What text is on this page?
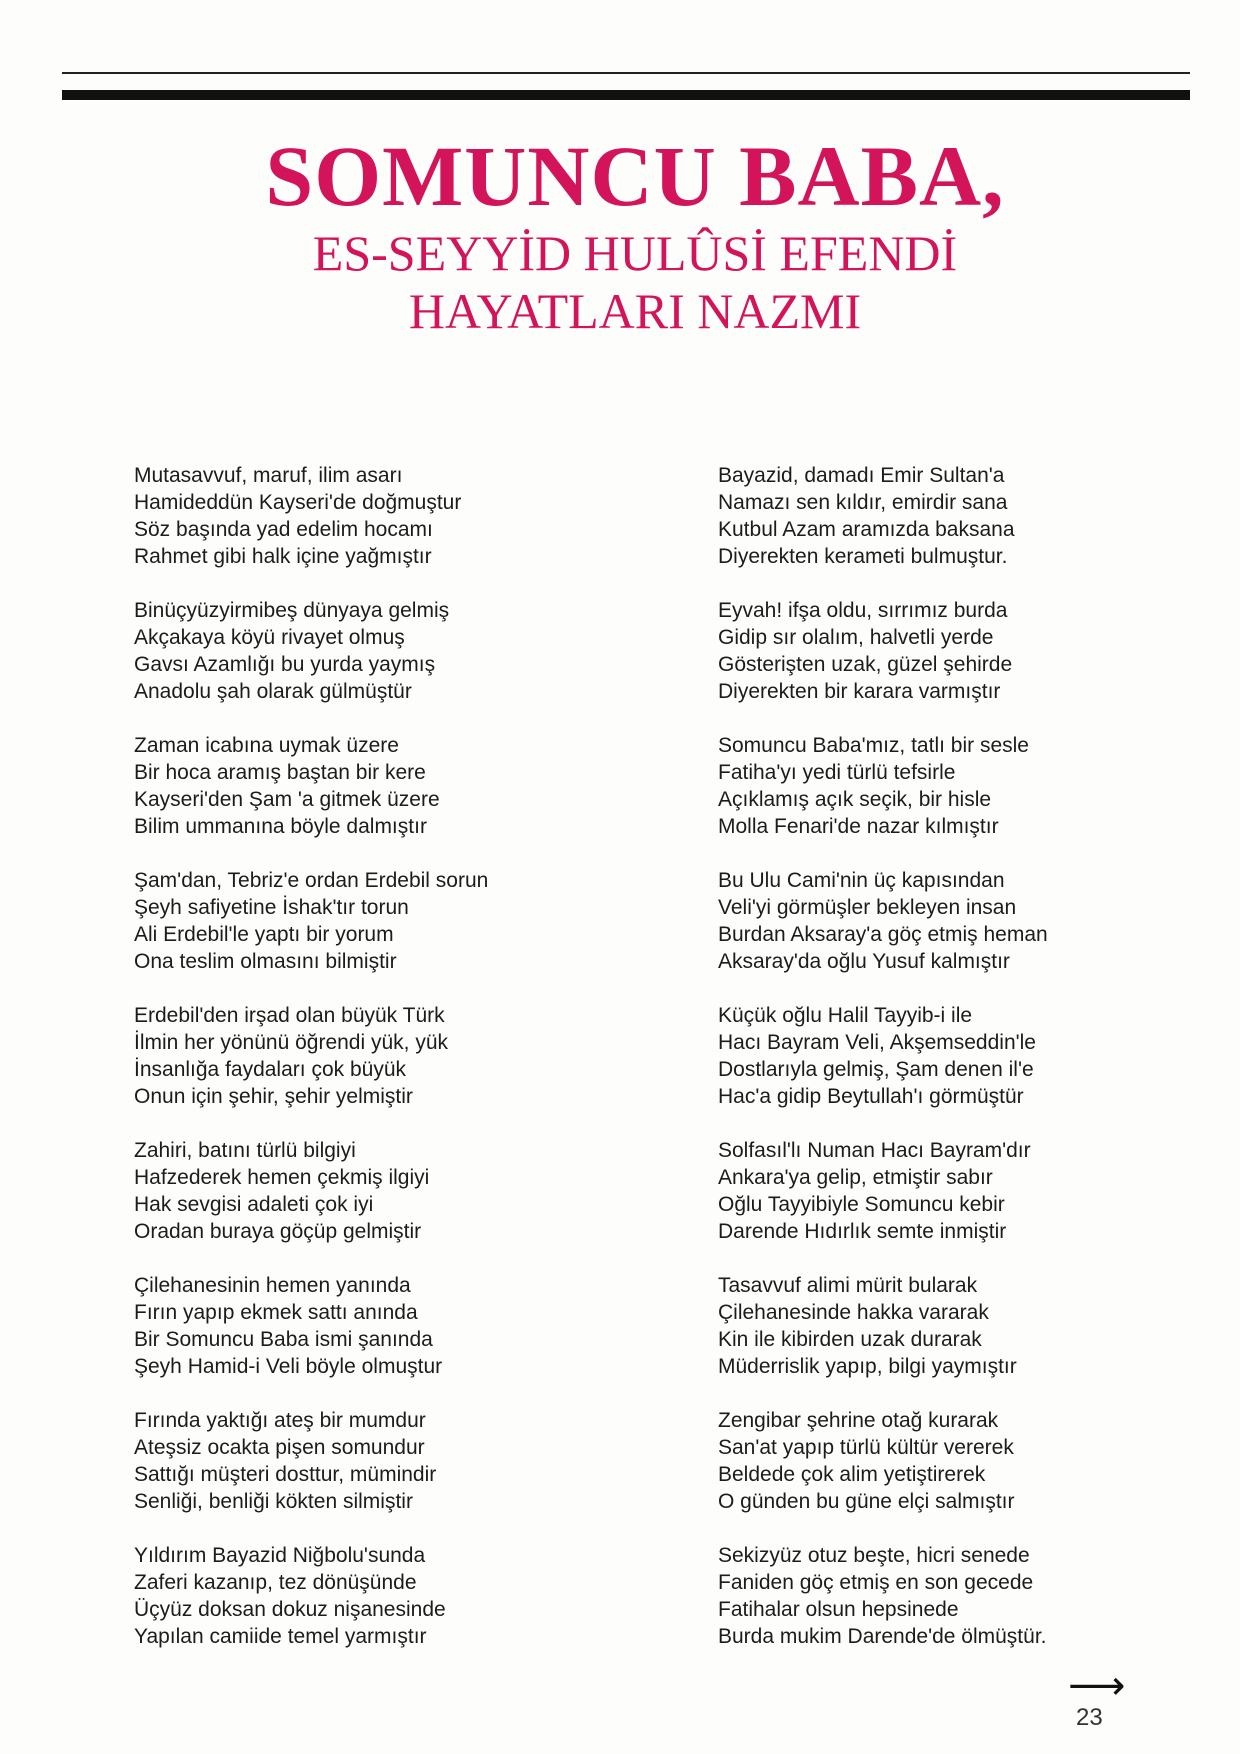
SOMUNCU BABA,
ES-SEYYİD HULÛSİ EFENDİ
HAYATLARI NAZMI
Mutasavvuf, maruf, ilim asarı
Hamideddün Kayseri'de doğmuştur
Söz başında yad edelim hocamı
Rahmet gibi halk içine yağmıştır
Binüçyüzyirmibeş dünyaya gelmiş
Akçakaya köyü rivayet olmuş
Gavsı Azamlığı bu yurda yaymış
Anadolu şah olarak gülmüştür
Zaman icabına uymak üzere
Bir hoca aramış baştan bir kere
Kayseri'den Şam 'a gitmek üzere
Bilim ummanına böyle dalmıştır
Şam'dan, Tebriz'e ordan Erdebil sorun
Şeyh safiyetine İshak'tır torun
Ali Erdebil'le yaptı bir yorum
Ona teslim olmasını bilmiştir
Erdebil'den irşad olan büyük Türk
İlmin her yönünü öğrendi yük, yük
İnsanlığa faydaları çok büyük
Onun için şehir, şehir yelmiştir
Zahiri, batını türlü bilgiyi
Hafzederek hemen çekmiş ilgiyi
Hak sevgisi adaleti çok iyi
Oradan buraya göçüp gelmiştir
Çilehanesinin hemen yanında
Fırın yapıp ekmek sattı anında
Bir Somuncu Baba ismi şanında
Şeyh Hamid-i Veli böyle olmuştur
Fırında yaktığı ateş bir mumdur
Ateşsiz ocakta pişen somundur
Sattığı müşteri dosttur, mümindir
Senliği, benliği kökten silmiştir
Yıldırım Bayazid Niğbolu'sunda
Zaferi kazanıp, tez dönüşünde
Üçyüz doksan dokuz nişanesinde
Yapılan camiide temel yarmıştır
Bayazid, damadı Emir Sultan'a
Namazı sen kıldır, emirdir sana
Kutbul Azam aramızda baksana
Diyerekten kerameti bulmuştur.
Eyvah! ifşa oldu, sırrımız burda
Gidip sır olalım, halvetli yerde
Gösterişten uzak, güzel şehirde
Diyerekten bir karara varmıştır
Somuncu Baba'mız, tatlı bir sesle
Fatiha'yı yedi türlü tefsirle
Açıklamış açık seçik, bir hisle
Molla Fenari'de nazar kılmıştır
Bu Ulu Cami'nin üç kapısından
Veli'yi görmüşler bekleyen insan
Burdan Aksaray'a göç etmiş heman
Aksaray'da oğlu Yusuf kalmıştır
Küçük oğlu Halil Tayyib-i ile
Hacı Bayram Veli, Akşemseddin'le
Dostlarıyla gelmiş, Şam denen il'e
Hac'a gidip Beytullah'ı görmüştür
Solfasıl'lı Numan Hacı Bayram'dır
Ankara'ya gelip, etmiştir sabır
Oğlu Tayyibiyle Somuncu kebir
Darende Hıdırlık semte inmiştir
Tasavvuf alimi mürit bularak
Çilehanesinde hakka vararak
Kin ile kibirden uzak durarak
Müderrislik yapıp, bilgi yaymıştır
Zengibar şehrine otağ kurarak
San'at yapıp türlü kültür vererek
Beldede çok alim yetiştirerek
O günden bu güne elçi salmıştır
Sekizyüz otuz beşte, hicri senede
Faniden göç etmiş en son gecede
Fatihalar olsun hepsinede
Burda mukim Darende'de ölmüştür.
⟶
23
